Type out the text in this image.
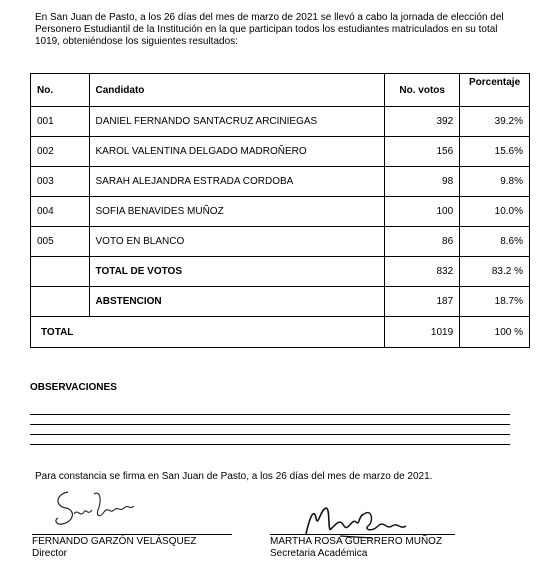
En San Juan de Pasto, a los 26 días del mes de marzo de 2021 se llevó a cabo la jornada de elección del
Personero Estudiantil de la Institución en la que participan todos los estudiantes matriculados en su total
1019, obteniéndose los siguientes resultados:
No.	Candidato	No. votos	Porcentaje
001	DANIEL FERNANDO SANTACRUZ ARCINIEGAS	392	39.2%
002	KAROL VALENTINA DELGADO MADROÑERO	156	15.6%
003	SARAH ALEJANDRA ESTRADA CORDOBA	98	9.8%
004	SOFIA BENAVIDES MUÑOZ	100	10.0%
005	VOTO EN BLANCO	86	8.6%
	TOTAL DE VOTOS	832	83.2 %
	ABSTENCION	187	18.7%
TOTAL		1019	100 %
OBSERVACIONES
Para constancia se firma en San Juan de Pasto, a los 26 días del mes de marzo de 2021.
FERNANDO GARZÓN VELÁSQUEZ
Director
MARTHA ROSA GUERRERO MUÑOZ
Secretaria Académica
